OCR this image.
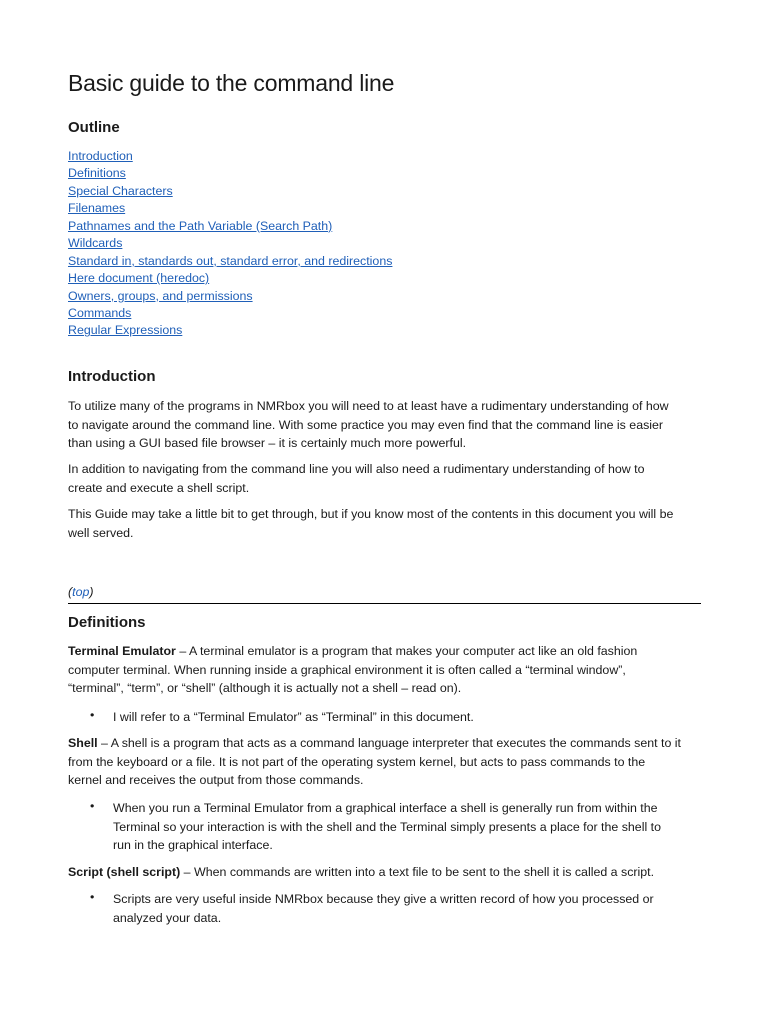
Basic guide to the command line
Outline
Introduction
Definitions
Special Characters
Filenames
Pathnames and the Path Variable (Search Path)
Wildcards
Standard in, standards out, standard error, and redirections
Here document (heredoc)
Owners, groups, and permissions
Commands
Regular Expressions
Introduction
To utilize many of the programs in NMRbox you will need to at least have a rudimentary understanding of how
to navigate around the command line. With some practice you may even find that the command line is easier
than using a GUI based file browser – it is certainly much more powerful.
In addition to navigating from the command line you will also need a rudimentary understanding of how to
create and execute a shell script.
This Guide may take a little bit to get through, but if you know most of the contents in this document you will be
well served.
(top)
Definitions
Terminal Emulator – A terminal emulator is a program that makes your computer act like an old fashion
computer terminal. When running inside a graphical environment it is often called a “terminal window”,
“terminal”, “term”, or “shell” (although it is actually not a shell – read on).
•	I will refer to a “Terminal Emulator” as “Terminal” in this document.
Shell – A shell is a program that acts as a command language interpreter that executes the commands sent to it
from the keyboard or a file. It is not part of the operating system kernel, but acts to pass commands to the
kernel and receives the output from those commands.
•	When you run a Terminal Emulator from a graphical interface a shell is generally run from within the
Terminal so your interaction is with the shell and the Terminal simply presents a place for the shell to
run in the graphical interface.
Script (shell script) – When commands are written into a text file to be sent to the shell it is called a script.
•	Scripts are very useful inside NMRbox because they give a written record of how you processed or
analyzed your data.
